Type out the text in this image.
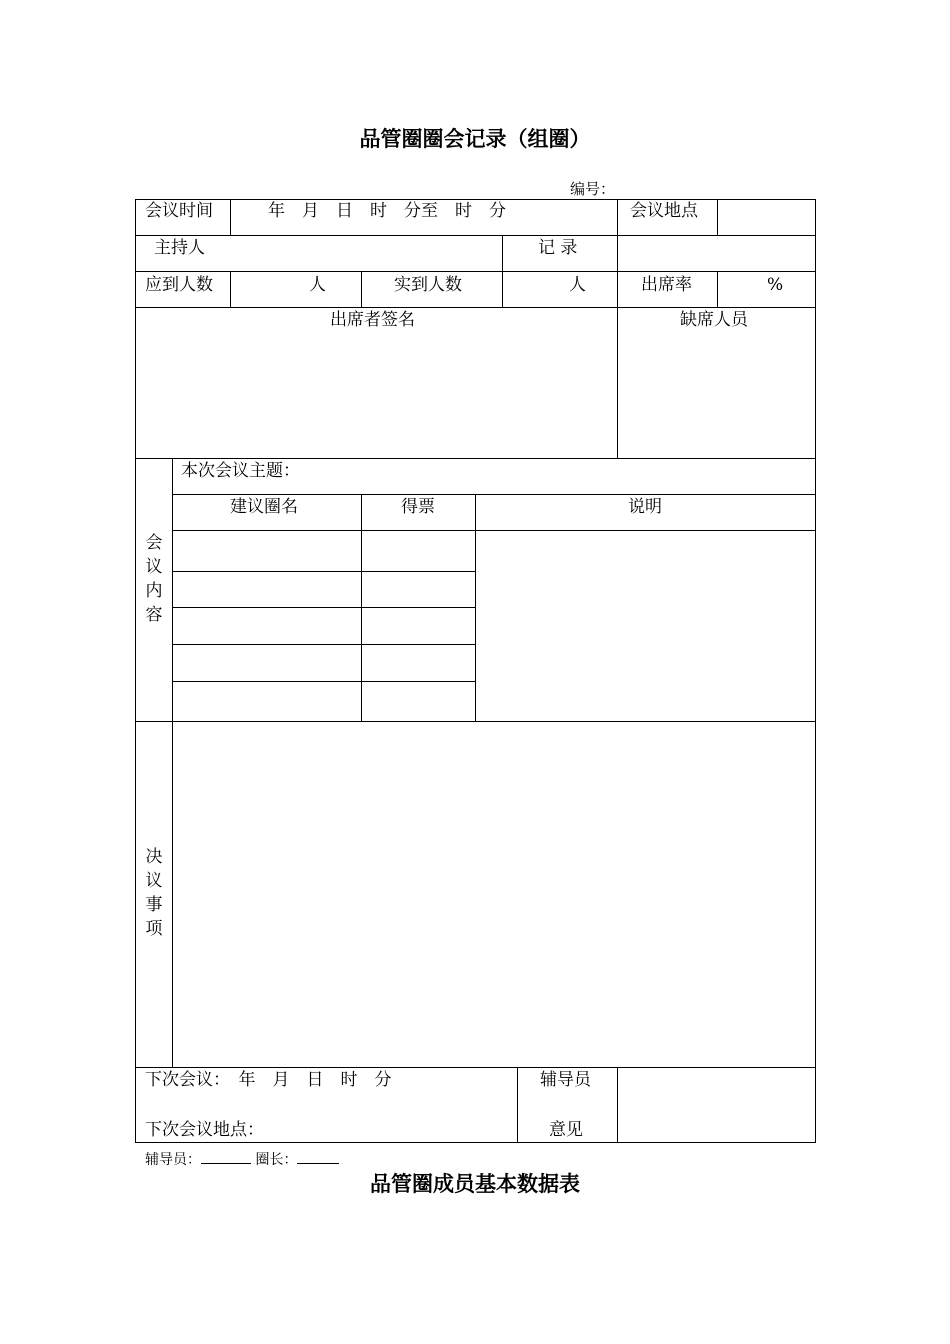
品管圈圈会记录（组圈）
编号：
会议时间	年　月　日　时　分至　时　分	会议地点
主持人	记 录
应到人数	人	实到人数	人	出席率	%
出席者签名	缺席人员
会
议
内
容
本次会议主题：
建议圈名	得票	说明
决
议
事
项
下次会议：　年　月　日　时　分
下次会议地点：
辅导员
意见
辅导员：	圈长：
品管圈成员基本数据表
